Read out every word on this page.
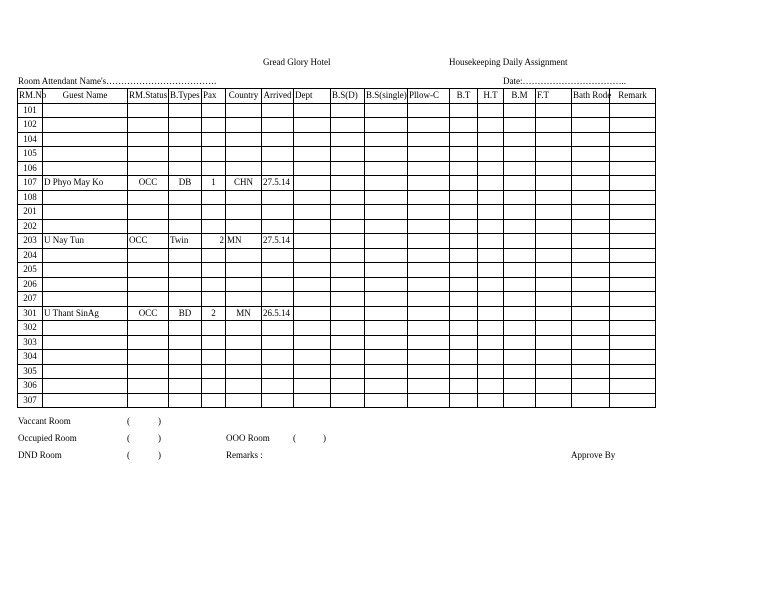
Gread Glory Hotel	Housekeeping Daily Assignment
Room Attendant Name's……………………………….	Date:……………………………..
RM.No	Guest Name	RM.Status	B.Types	Pax	Country	Arrived	Dept	B.S(D)	B.S(single)	Pllow-C	B.T	H.T	B.M	F.T	Bath Rode	Remark
101																
102																
104																
105																
106																
107	D Phyo May Ko	OCC	DB	1	CHN	27.5.14										
108																
201																
202																
203	U Nay Tun	OCC	Twin	2	MN	27.5.14										
204																
205																
206																
207																
301	U Thant SinAg	OCC	BD	2	MN	26.5.14										
302																
303																
304																
305																
306																
307																
Vaccant Room	(	)
Occupied Room	(	)	OOO Room	(	)
DND Room	(	)	Remarks :	Approve By
